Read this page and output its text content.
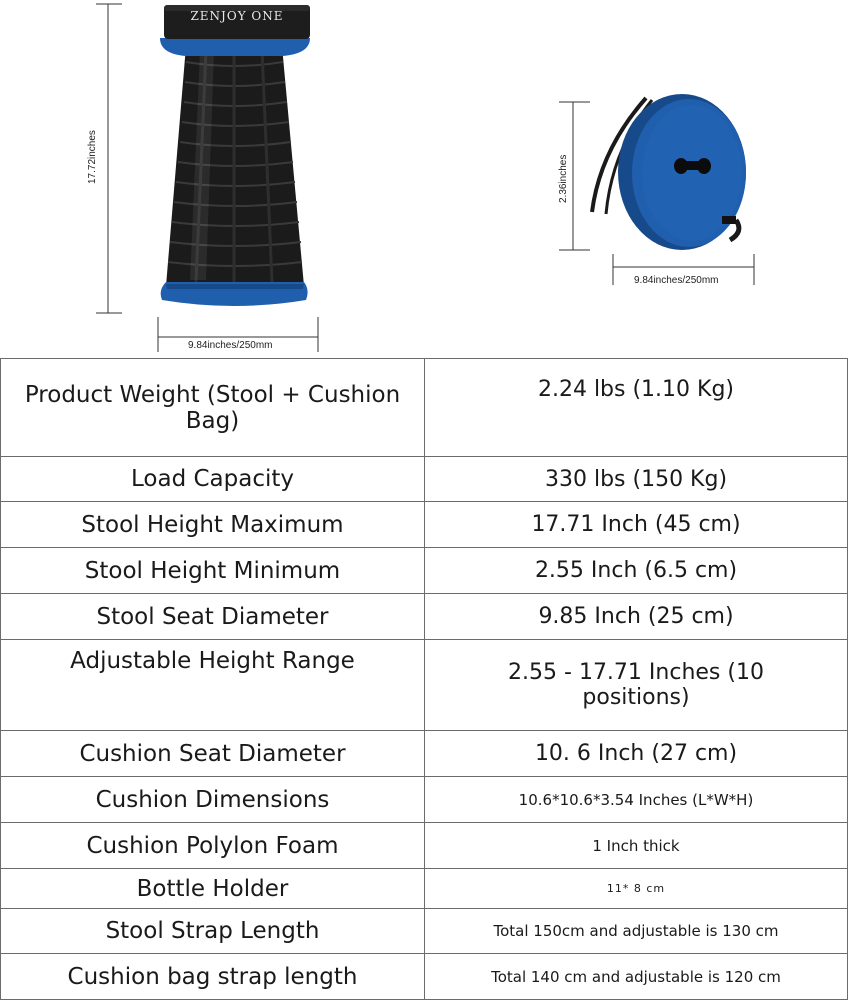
ZENJOY ONE
17.72inches
9.84inches/250mm
2.36inches
9.84inches/250mm
Product Weight (Stool + Cushion Bag)	2.24 lbs (1.10 Kg)
Load Capacity	330 lbs (150 Kg)
Stool Height Maximum	17.71 Inch (45 cm)
Stool Height Minimum	2.55 Inch (6.5 cm)
Stool Seat Diameter	9.85 Inch (25 cm)
Adjustable Height Range	2.55 - 17.71 Inches (10 positions)
Cushion Seat Diameter	10. 6 Inch (27 cm)
Cushion Dimensions	10.6*10.6*3.54 Inches (L*W*H)
Cushion Polylon Foam	1 Inch thick
Bottle Holder	11* 8 cm
Stool Strap Length	Total 150cm and adjustable is 130 cm
Cushion bag strap length	Total 140 cm and adjustable is 120 cm
